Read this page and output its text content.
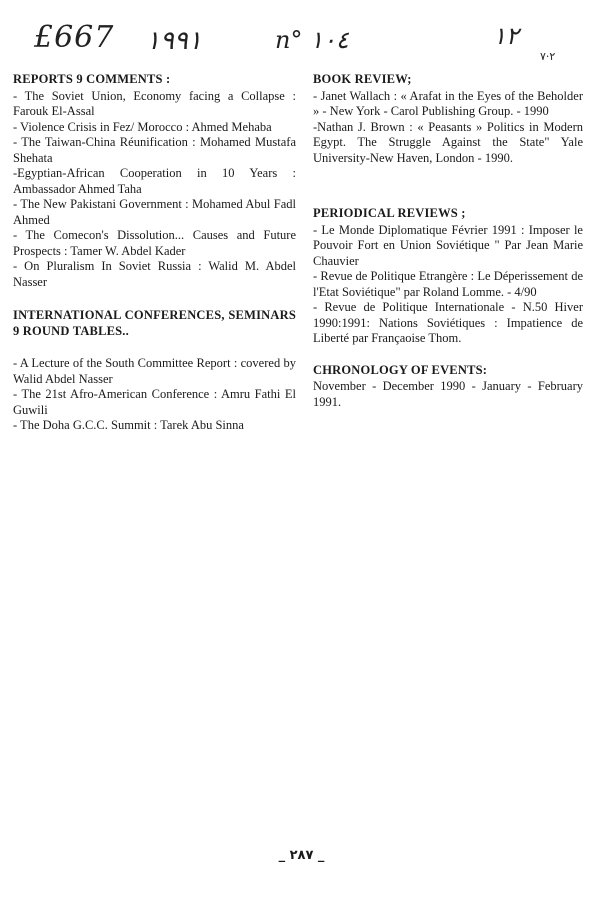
£667 ١٩٩١	n° ١٠٤	١٢
٢·٧
REPORTS 9 COMMENTS :
- The Soviet Union, Economy facing a Collapse : Farouk El-Assal
- Violence Crisis in Fez/ Morocco : Ahmed Mehaba
- The Taiwan-China Réunification : Mohamed Mustafa Shehata
-Egyptian-African Cooperation in 10 Years : Ambassador Ahmed Taha
- The New Pakistani Government : Mohamed Abul Fadl Ahmed
- The Comecon's Dissolution... Causes and Future Prospects : Tamer W. Abdel Kader
- On Pluralism In Soviet Russia : Walid M. Abdel Nasser
INTERNATIONAL CONFERENCES, SEMINARS 9 ROUND TABLES..
- A Lecture of the South Committee Report : covered by Walid Abdel Nasser
- The 21st Afro-American Conference : Amru Fathi El Guwili
- The Doha G.C.C. Summit : Tarek Abu Sinna
BOOK REVIEW;
- Janet Wallach : « Arafat in the Eyes of the Beholder » - New York - Carol Publishing Group. - 1990
-Nathan J. Brown : « Peasants » Politics in Modern Egypt. The Struggle Against the State" Yale University-New Haven, London - 1990.
PERIODICAL REVIEWS ;
- Le Monde Diplomatique Février 1991 : Imposer le Pouvoir Fort en Union Soviétique " Par Jean Marie Chauvier
- Revue de Politique Etrangère : Le Déperissement de l'Etat Soviétique" par Roland Lomme. - 4/90
- Revue de Politique Internationale - N.50 Hiver 1990:1991: Nations Soviétiques : Impatience de Liberté par Françaoise Thom.
CHRONOLOGY OF EVENTS:
November - December 1990 - January - February 1991.
_ ٢٨٧ _
